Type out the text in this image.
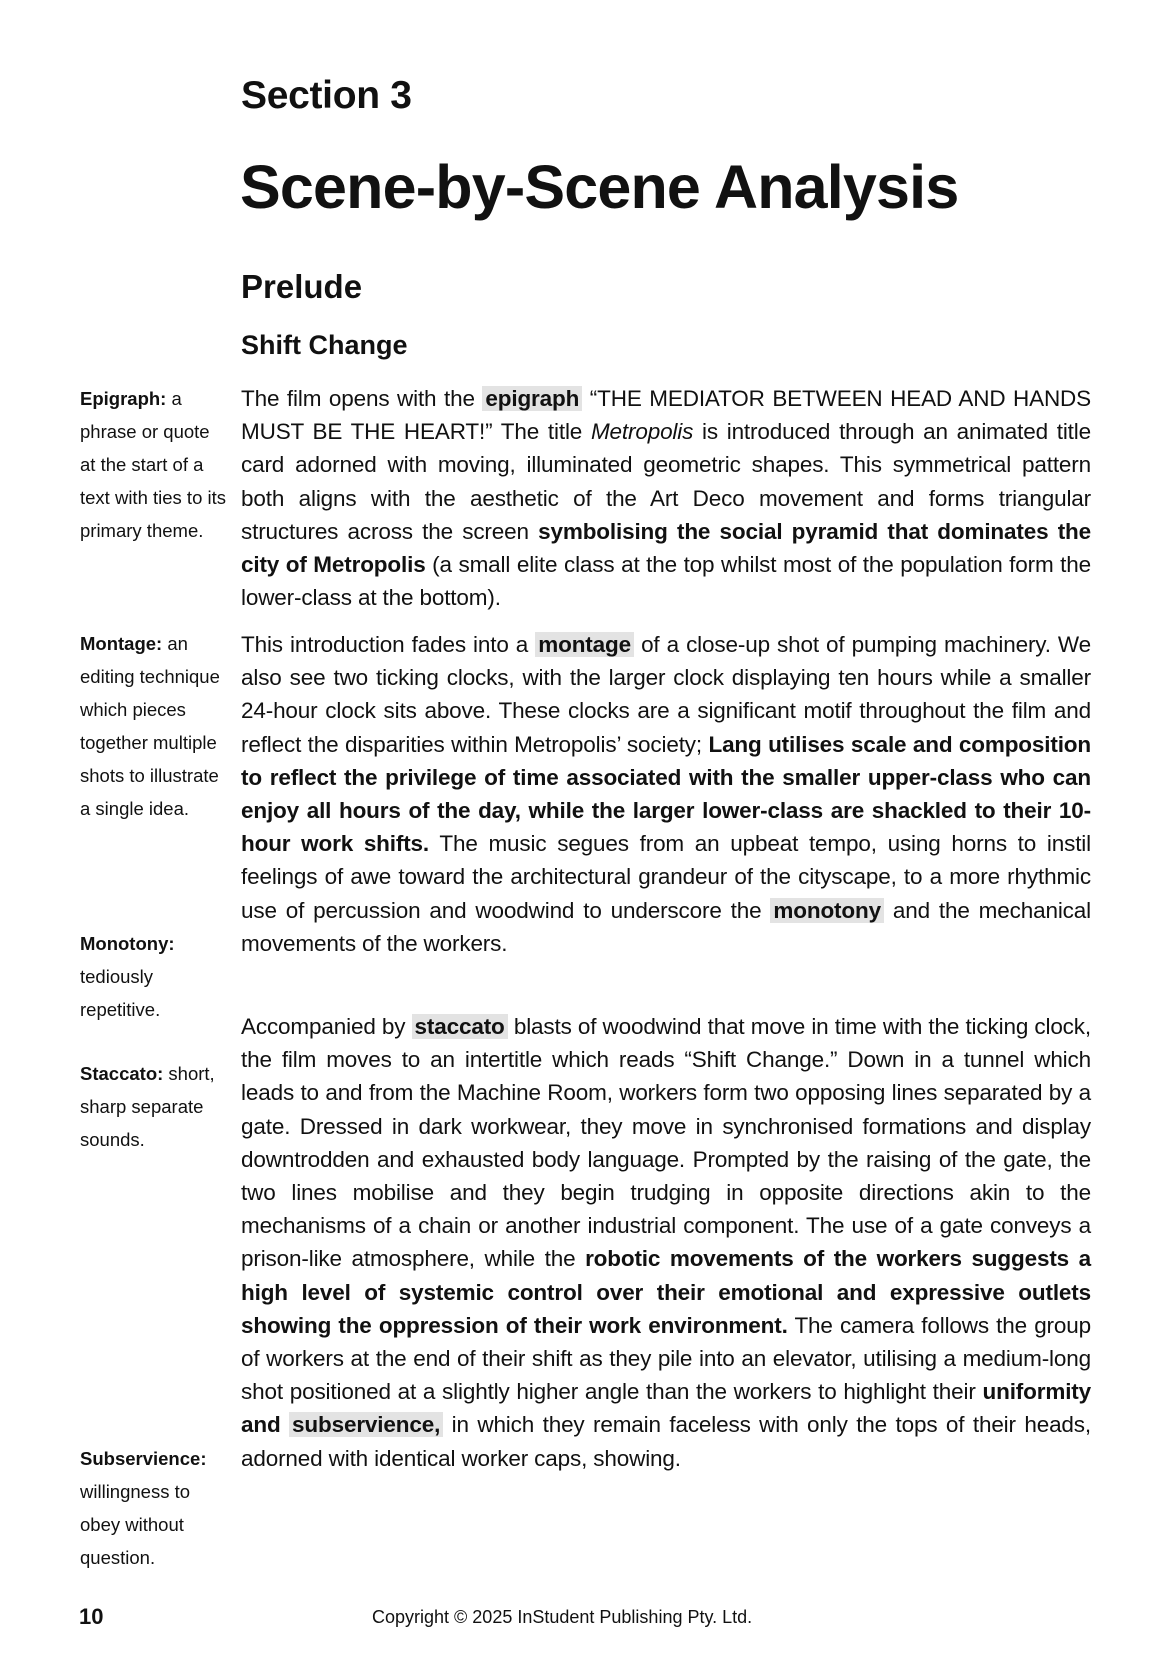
Section 3
Scene-by-Scene Analysis
Prelude
Shift Change

Epigraph: a phrase or quote at the start of a text with ties to its primary theme.

Montage: an editing technique which pieces together multiple shots to illustrate a single idea.

Monotony: tediously repetitive.

Staccato: short, sharp separate sounds.

Subservience: willingness to obey without question.

The film opens with the epigraph “THE MEDIATOR BETWEEN HEAD AND HANDS MUST BE THE HEART!” The title Metropolis is introduced through an animated title card adorned with moving, illuminated geometric shapes. This symmetrical pattern both aligns with the aesthetic of the Art Deco movement and forms triangular structures across the screen symbolising the social pyramid that dominates the city of Metropolis (a small elite class at the top whilst most of the population form the lower-class at the bottom).

This introduction fades into a montage of a close-up shot of pumping machinery. We also see two ticking clocks, with the larger clock displaying ten hours while a smaller 24-hour clock sits above. These clocks are a significant motif throughout the film and reflect the disparities within Metropolis’ society; Lang utilises scale and composition to reflect the privilege of time associated with the smaller upper-class who can enjoy all hours of the day, while the larger lower-class are shackled to their 10-hour work shifts. The music segues from an upbeat tempo, using horns to instil feelings of awe toward the architectural grandeur of the cityscape, to a more rhythmic use of percussion and woodwind to underscore the monotony and the mechanical movements of the workers.

Accompanied by staccato blasts of woodwind that move in time with the ticking clock, the film moves to an intertitle which reads “Shift Change.” Down in a tunnel which leads to and from the Machine Room, workers form two opposing lines separated by a gate. Dressed in dark workwear, they move in synchronised formations and display downtrodden and exhausted body language. Prompted by the raising of the gate, the two lines mobilise and they begin trudging in opposite directions akin to the mechanisms of a chain or another industrial component. The use of a gate conveys a prison-like atmosphere, while the robotic movements of the workers suggests a high level of systemic control over their emotional and expressive outlets showing the oppression of their work environment. The camera follows the group of workers at the end of their shift as they pile into an elevator, utilising a medium-long shot positioned at a slightly higher angle than the workers to highlight their uniformity and subservience, in which they remain faceless with only the tops of their heads, adorned with identical worker caps, showing.

10	Copyright © 2025 InStudent Publishing Pty. Ltd.
